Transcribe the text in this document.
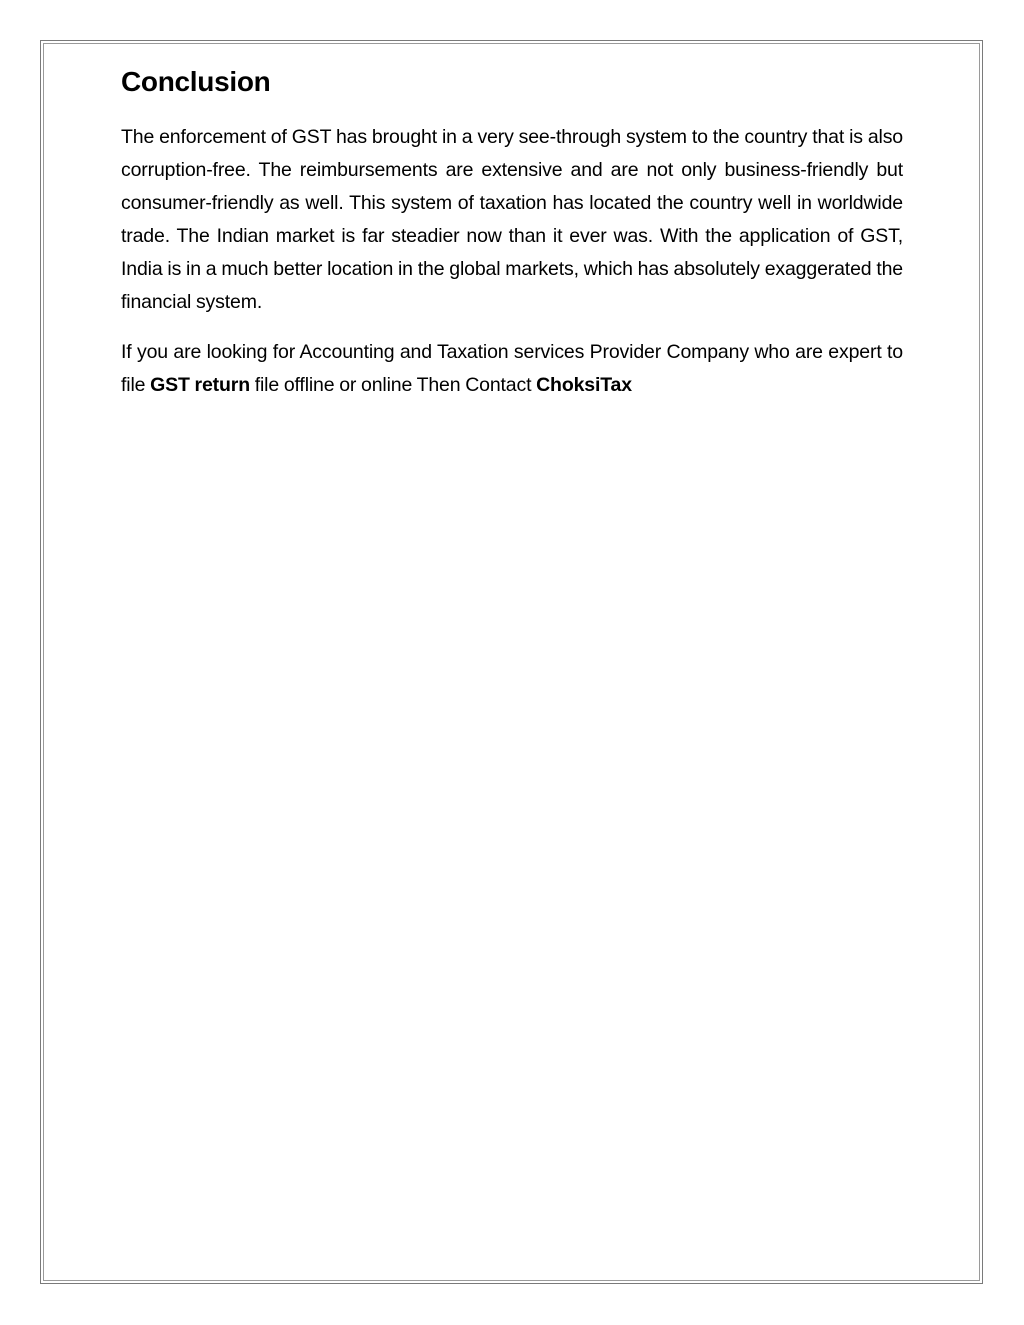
Conclusion

The enforcement of GST has brought in a very see-through system to the country that is also corruption-free. The reimbursements are extensive and are not only business-friendly but consumer-friendly as well. This system of taxation has located the country well in worldwide trade. The Indian market is far steadier now than it ever was. With the application of GST, India is in a much better location in the global markets, which has absolutely exaggerated the financial system.

If you are looking for Accounting and Taxation services Provider Company who are expert to file GST return file offline or online Then Contact ChoksiTax
